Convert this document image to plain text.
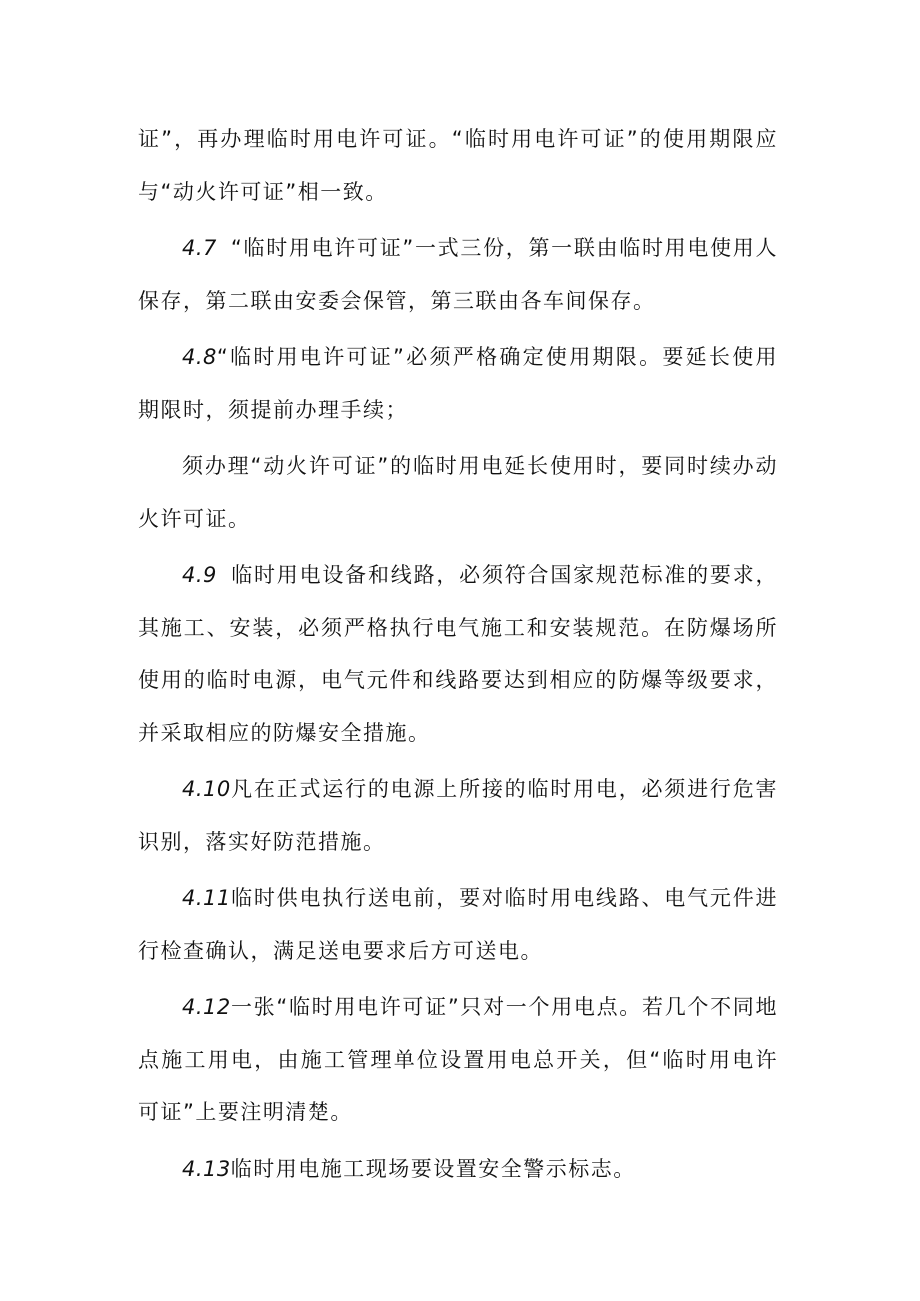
证”，再办理临时用电许可证。“临时用电许可证”的使用期限应与“动火许可证”相一致。

4.7 “临时用电许可证”一式三份，第一联由临时用电使用人保存，第二联由安委会保管，第三联由各车间保存。

4.8“临时用电许可证”必须严格确定使用期限。要延长使用期限时，须提前办理手续；

须办理“动火许可证”的临时用电延长使用时，要同时续办动火许可证。

4.9 临时用电设备和线路，必须符合国家规范标准的要求，其施工、安装，必须严格执行电气施工和安装规范。在防爆场所使用的临时电源，电气元件和线路要达到相应的防爆等级要求，并采取相应的防爆安全措施。

4.10凡在正式运行的电源上所接的临时用电，必须进行危害识别，落实好防范措施。

4.11临时供电执行送电前，要对临时用电线路、电气元件进行检查确认，满足送电要求后方可送电。

4.12一张“临时用电许可证”只对一个用电点。若几个不同地点施工用电，由施工管理单位设置用电总开关，但“临时用电许可证”上要注明清楚。

4.13临时用电施工现场要设置安全警示标志。
